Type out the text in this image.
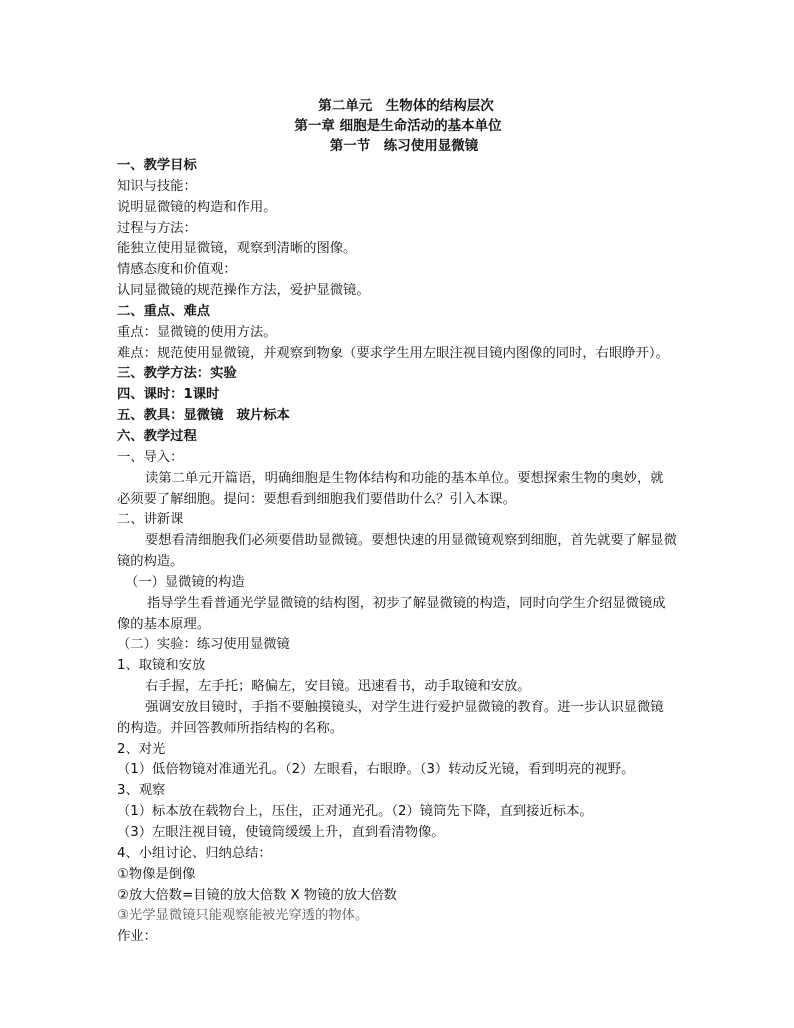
第二单元　生物体的结构层次
第一章 细胞是生命活动的基本单位
第一节　练习使用显微镜
一、教学目标
知识与技能：
说明显微镜的构造和作用。
过程与方法：
能独立使用显微镜，观察到清晰的图像。
情感态度和价值观：
认同显微镜的规范操作方法，爱护显微镜。
二、重点、难点
重点：显微镜的使用方法。
难点：规范使用显微镜，并观察到物象（要求学生用左眼注视目镜内图像的同时，右眼睁开）。
三、教学方法：实验
四、课时：1课时
五、教具：显微镜　玻片标本
六、教学过程
一、导入：
读第二单元开篇语，明确细胞是生物体结构和功能的基本单位。要想探索生物的奥妙，就
必须要了解细胞。提问：要想看到细胞我们要借助什么？引入本课。
二、讲新课
要想看清细胞我们必须要借助显微镜。要想快速的用显微镜观察到细胞，首先就要了解显微
镜的构造。
（一）显微镜的构造
指导学生看普通光学显微镜的结构图，初步了解显微镜的构造，同时向学生介绍显微镜成
像的基本原理。
（二）实验：练习使用显微镜
1、取镜和安放
右手握，左手托；略偏左，安目镜。迅速看书，动手取镜和安放。
强调安放目镜时，手指不要触摸镜头，对学生进行爱护显微镜的教育。进一步认识显微镜
的构造。并回答教师所指结构的名称。
2、对光
（1）低倍物镜对准通光孔。（2）左眼看，右眼睁。（3）转动反光镜，看到明亮的视野。
3、观察
（1）标本放在载物台上，压住，正对通光孔。（2）镜筒先下降，直到接近标本。
（3）左眼注视目镜，使镜筒缓缓上升，直到看清物像。
4、小组讨论、归纳总结：
①物像是倒像
②放大倍数=目镜的放大倍数 X 物镜的放大倍数
③光学显微镜只能观察能被光穿透的物体。
作业：
